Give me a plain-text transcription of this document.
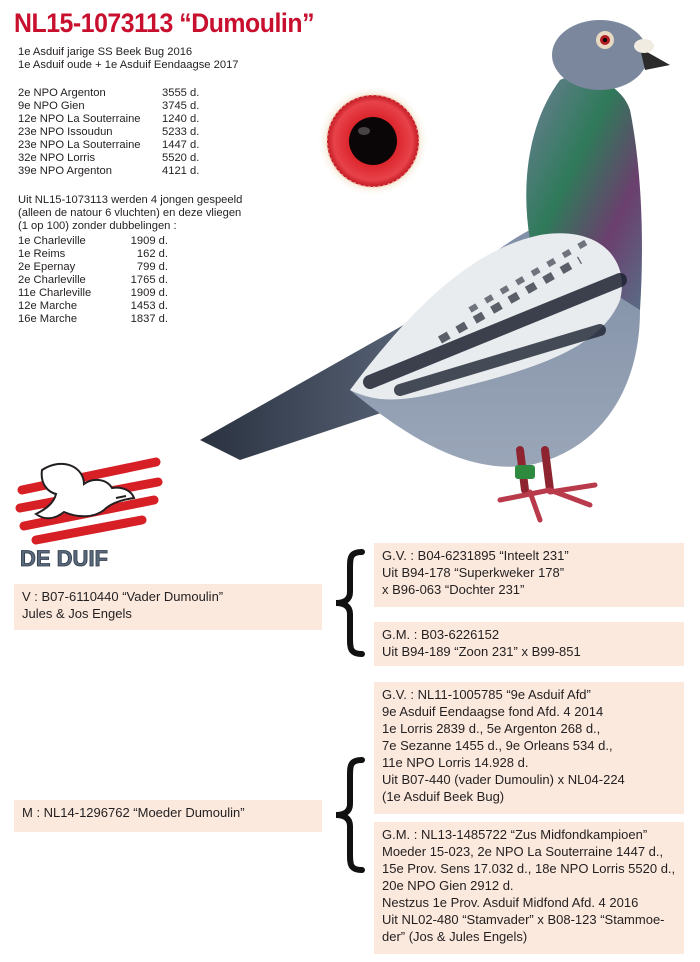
NL15-1073113 “Dumoulin”
1e Asduif jarige SS Beek Bug 2016
1e Asduif oude + 1e Asduif Eendaagse 2017
2e NPO Argenton	3555 d.
9e NPO Gien	3745 d.
12e NPO La Souterraine	1240 d.
23e NPO Issoudun	5233 d.
23e NPO La Souterraine	1447 d.
32e NPO Lorris	5520 d.
39e NPO Argenton	4121 d.
Uit NL15-1073113 werden 4 jongen gespeeld
(alleen de natour 6 vluchten) en deze vliegen
(1 op 100) zonder dubbelingen :
1e Charleville	1909 d.
1e Reims	162 d.
2e Epernay	799 d.
2e Charleville	1765 d.
11e Charleville	1909 d.
12e Marche	1453 d.
16e Marche	1837 d.
DE DUIF
V : B07-6110440 “Vader Dumoulin”
Jules & Jos Engels
G.V. : B04-6231895 “Inteelt 231”
Uit B94-178 “Superkweker 178”
x B96-063 “Dochter 231”
G.M. : B03-6226152
Uit B94-189 “Zoon 231” x B99-851
M : NL14-1296762 “Moeder Dumoulin”
G.V. : NL11-1005785 “9e Asduif Afd”
9e Asduif Eendaagse fond Afd. 4 2014
1e Lorris 2839 d., 5e Argenton 268 d.,
7e Sezanne 1455 d., 9e Orleans 534 d.,
11e NPO Lorris 14.928 d.
Uit B07-440 (vader Dumoulin) x NL04-224
(1e Asduif Beek Bug)
G.M. : NL13-1485722 “Zus Midfondkampioen”
Moeder 15-023, 2e NPO La Souterraine 1447 d.,
15e Prov. Sens 17.032 d., 18e NPO Lorris 5520 d.,
20e NPO Gien 2912 d.
Nestzus 1e Prov. Asduif Midfond Afd. 4 2016
Uit NL02-480 “Stamvader” x B08-123 “Stammoe-
der” (Jos & Jules Engels)
